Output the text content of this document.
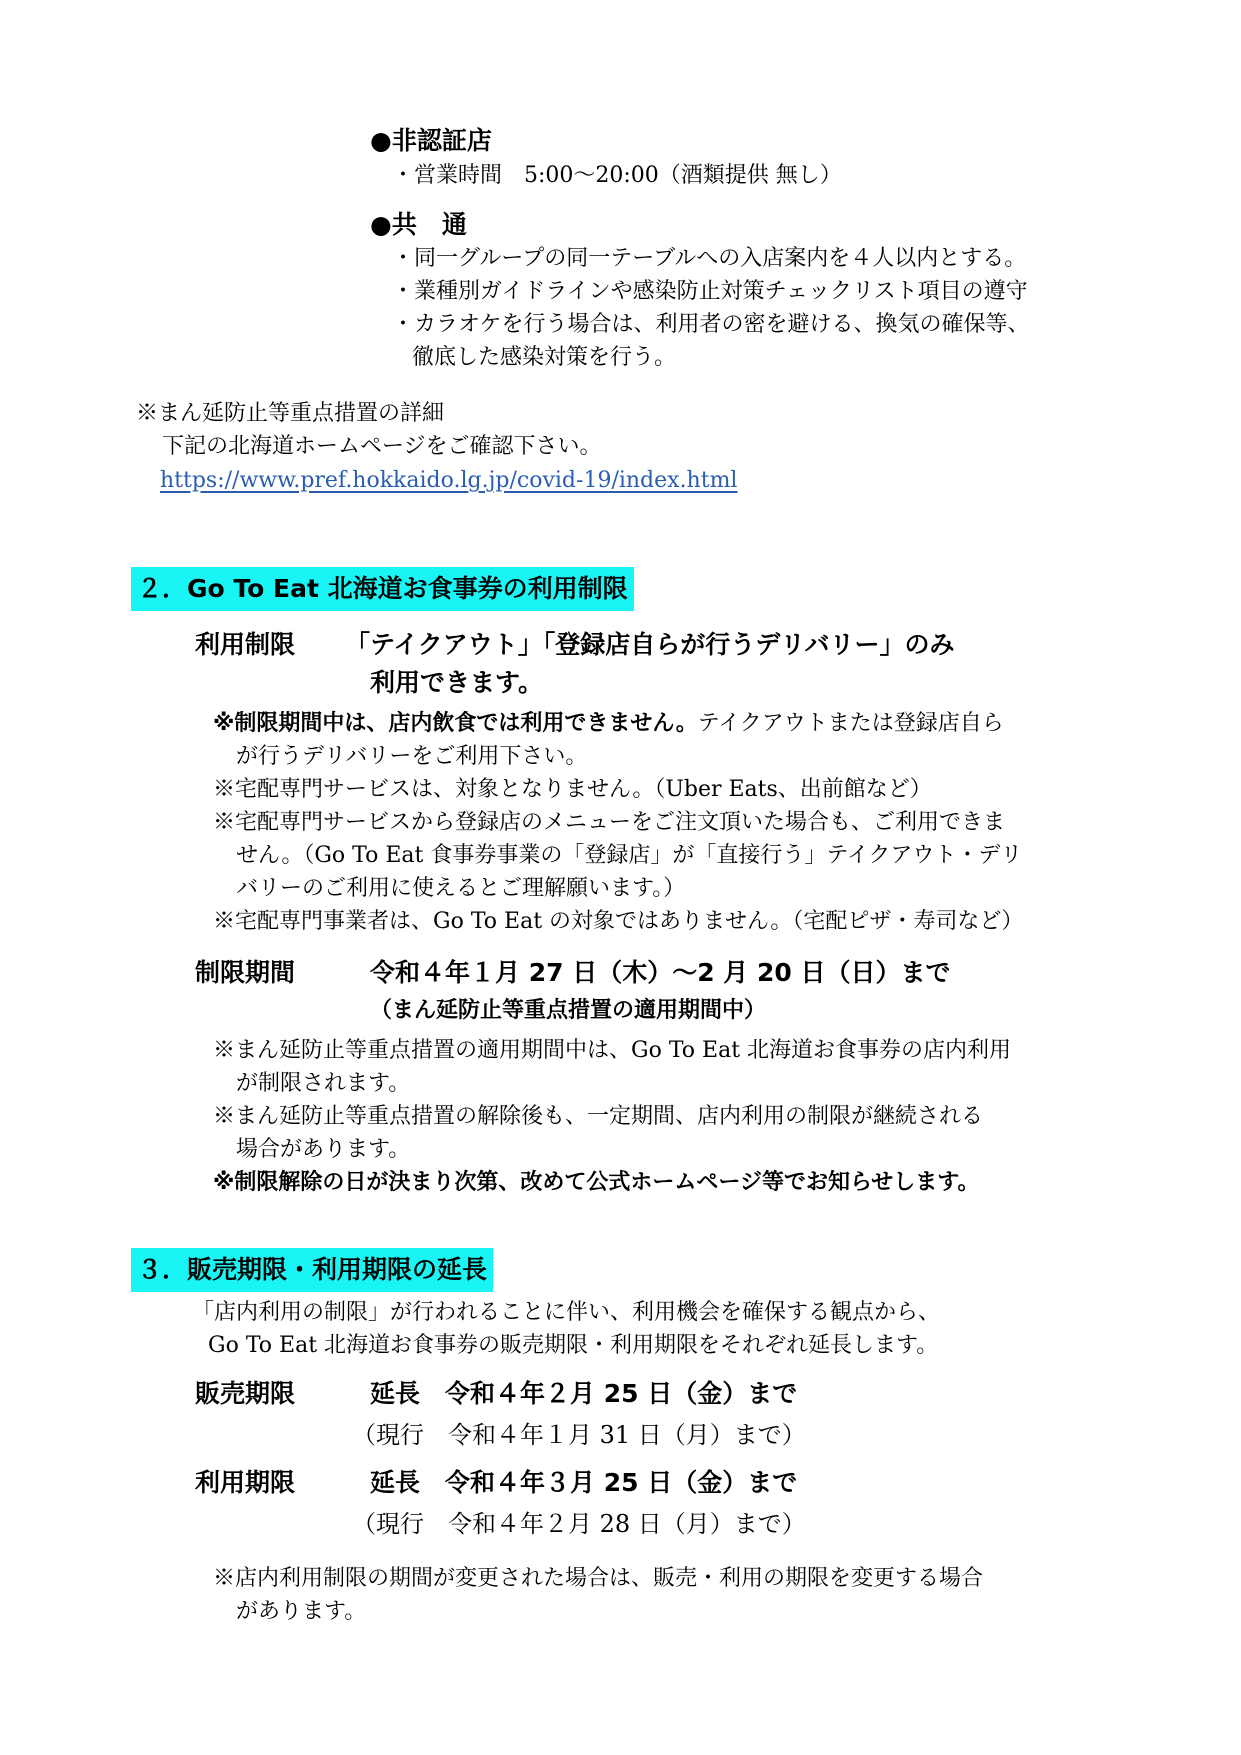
●非認証店
・営業時間　5:00～20:00（酒類提供 無し）
●共　通
・同一グループの同一テーブルへの入店案内を４人以内とする。
・業種別ガイドラインや感染防止対策チェックリスト項目の遵守
・カラオケを行う場合は、利用者の密を避ける、換気の確保等、
徹底した感染対策を行う。
※まん延防止等重点措置の詳細
下記の北海道ホームページをご確認下さい。
https://www.pref.hokkaido.lg.jp/covid-19/index.html
２．Go To Eat 北海道お食事券の利用制限
利用制限 「テイクアウト」「登録店自らが行うデリバリー」のみ
利用できます。
※制限期間中は、店内飲食では利用できません。テイクアウトまたは登録店自ら
が行うデリバリーをご利用下さい。
※宅配専門サービスは、対象となりません。（Uber Eats、出前館など）
※宅配専門サービスから登録店のメニューをご注文頂いた場合も、ご利用できま
せん。（Go To Eat 食事券事業の「登録店」が「直接行う」テイクアウト・デリ
バリーのご利用に使えるとご理解願います。）
※宅配専門事業者は、Go To Eat の対象ではありません。（宅配ピザ・寿司など）
制限期間	令和４年１月 27 日（木）～2 月 20 日（日）まで
（まん延防止等重点措置の適用期間中）
※まん延防止等重点措置の適用期間中は、Go To Eat 北海道お食事券の店内利用
が制限されます。
※まん延防止等重点措置の解除後も、一定期間、店内利用の制限が継続される
場合があります。
※制限解除の日が決まり次第、改めて公式ホームページ等でお知らせします。
３．販売期限・利用期限の延長
「店内利用の制限」が行われることに伴い、利用機会を確保する観点から、
Go To Eat 北海道お食事券の販売期限・利用期限をそれぞれ延長します。
販売期限	延長　令和４年２月 25 日（金）まで
（現行　令和４年１月 31 日（月）まで）
利用期限	延長　令和４年３月 25 日（金）まで
（現行　令和４年２月 28 日（月）まで）
※店内利用制限の期間が変更された場合は、販売・利用の期限を変更する場合
があります。
